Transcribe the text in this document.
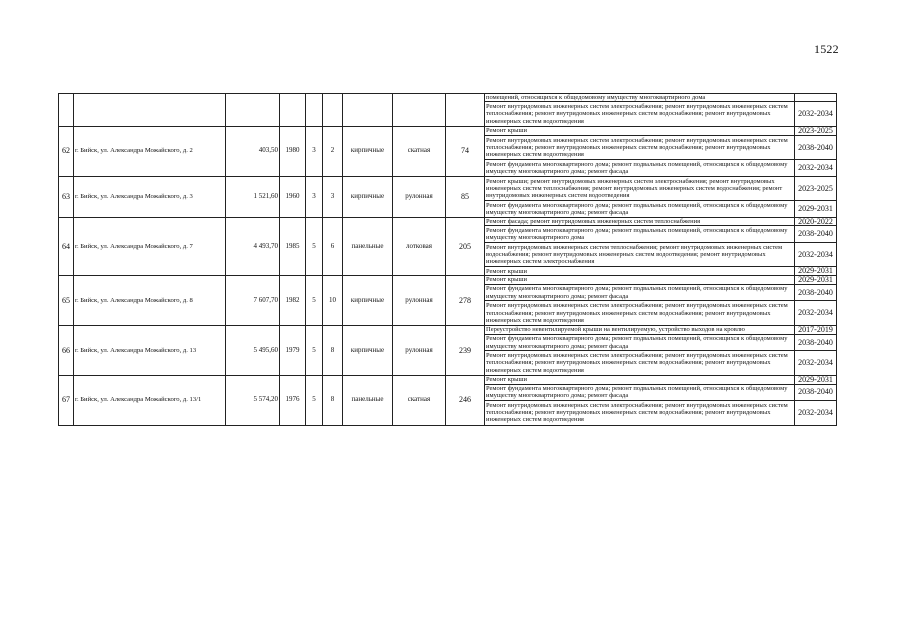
1522
									помещений, относящихся к общедомовому имуществу многоквартирного дома	
									Ремонт внутридомовых инженерных систем электроснабжения; ремонт внутридомовых инженерных систем теплоснабжения; ремонт внутридомовых инженерных систем водоснабжения; ремонт внутридомовых инженерных систем водоотведения	2032-2034
62	г. Бийск, ул. Александра Можайского, д. 2	403,50	1980	3	2	кирпичные	скатная	74	Ремонт крыши	2023-2025
									Ремонт внутридомовых инженерных систем электроснабжения; ремонт внутридомовых инженерных систем теплоснабжения; ремонт внутридомовых инженерных систем водоснабжения; ремонт внутридомовых инженерных систем водоотведения	2038-2040
									Ремонт фундамента многоквартирного дома; ремонт подвальных помещений, относящихся к общедомовому имуществу многоквартирного дома; ремонт фасада	2032-2034
63	г. Бийск, ул. Александра Можайского, д. 3	1 521,60	1960	3	3	кирпичные	рулонная	85	Ремонт крыши; ремонт внутридомовых инженерных систем электроснабжения; ремонт внутридомовых инженерных систем теплоснабжения; ремонт внутридомовых инженерных систем водоснабжения; ремонт внутридомовых инженерных систем водоотведения	2023-2025
									Ремонт фундамента многоквартирного дома; ремонт подвальных помещений, относящихся к общедомовому имуществу многоквартирного дома; ремонт фасада	2029-2031
64	г. Бийск, ул. Александра Можайского, д. 7	4 493,70	1985	5	6	панельные	лотковая	205	Ремонт фасада; ремонт внутридомовых инженерных систем теплоснабжения	2020-2022
									Ремонт фундамента многоквартирного дома; ремонт подвальных помещений, относящихся к общедомовому имуществу многоквартирного дома	2038-2040
									Ремонт внутридомовых инженерных систем теплоснабжения; ремонт внутридомовых инженерных систем водоснабжения; ремонт внутридомовых инженерных систем водоотведения; ремонт внутридомовых инженерных систем электроснабжения	2032-2034
									Ремонт крыши	2029-2031
65	г. Бийск, ул. Александра Можайского, д. 8	7 607,70	1982	5	10	кирпичные	рулонная	278	Ремонт крыши	2029-2031
									Ремонт фундамента многоквартирного дома; ремонт подвальных помещений, относящихся к общедомовому имуществу многоквартирного дома; ремонт фасада	2038-2040
									Ремонт внутридомовых инженерных систем электроснабжения; ремонт внутридомовых инженерных систем теплоснабжения; ремонт внутридомовых инженерных систем водоснабжения; ремонт внутридомовых инженерных систем водоотведения	2032-2034
66	г. Бийск, ул. Александра Можайского, д. 13	5 495,60	1979	5	8	кирпичные	рулонная	239	Переустройство невентилируемой крыши на вентилируемую, устройство выходов на кровлю	2017-2019
									Ремонт фундамента многоквартирного дома; ремонт подвальных помещений, относящихся к общедомовому имуществу многоквартирного дома; ремонт фасада	2038-2040
									Ремонт внутридомовых инженерных систем электроснабжения; ремонт внутридомовых инженерных систем теплоснабжения; ремонт внутридомовых инженерных систем водоснабжения; ремонт внутридомовых инженерных систем водоотведения	2032-2034
67	г. Бийск, ул. Александра Можайского, д. 13/1	5 574,20	1976	5	8	панельные	скатная	246	Ремонт крыши	2029-2031
									Ремонт фундамента многоквартирного дома; ремонт подвальных помещений, относящихся к общедомовому имуществу многоквартирного дома; ремонт фасада	2038-2040
									Ремонт внутридомовых инженерных систем электроснабжения; ремонт внутридомовых инженерных систем теплоснабжения; ремонт внутридомовых инженерных систем водоснабжения; ремонт внутридомовых инженерных систем водоотведения	2032-2034
